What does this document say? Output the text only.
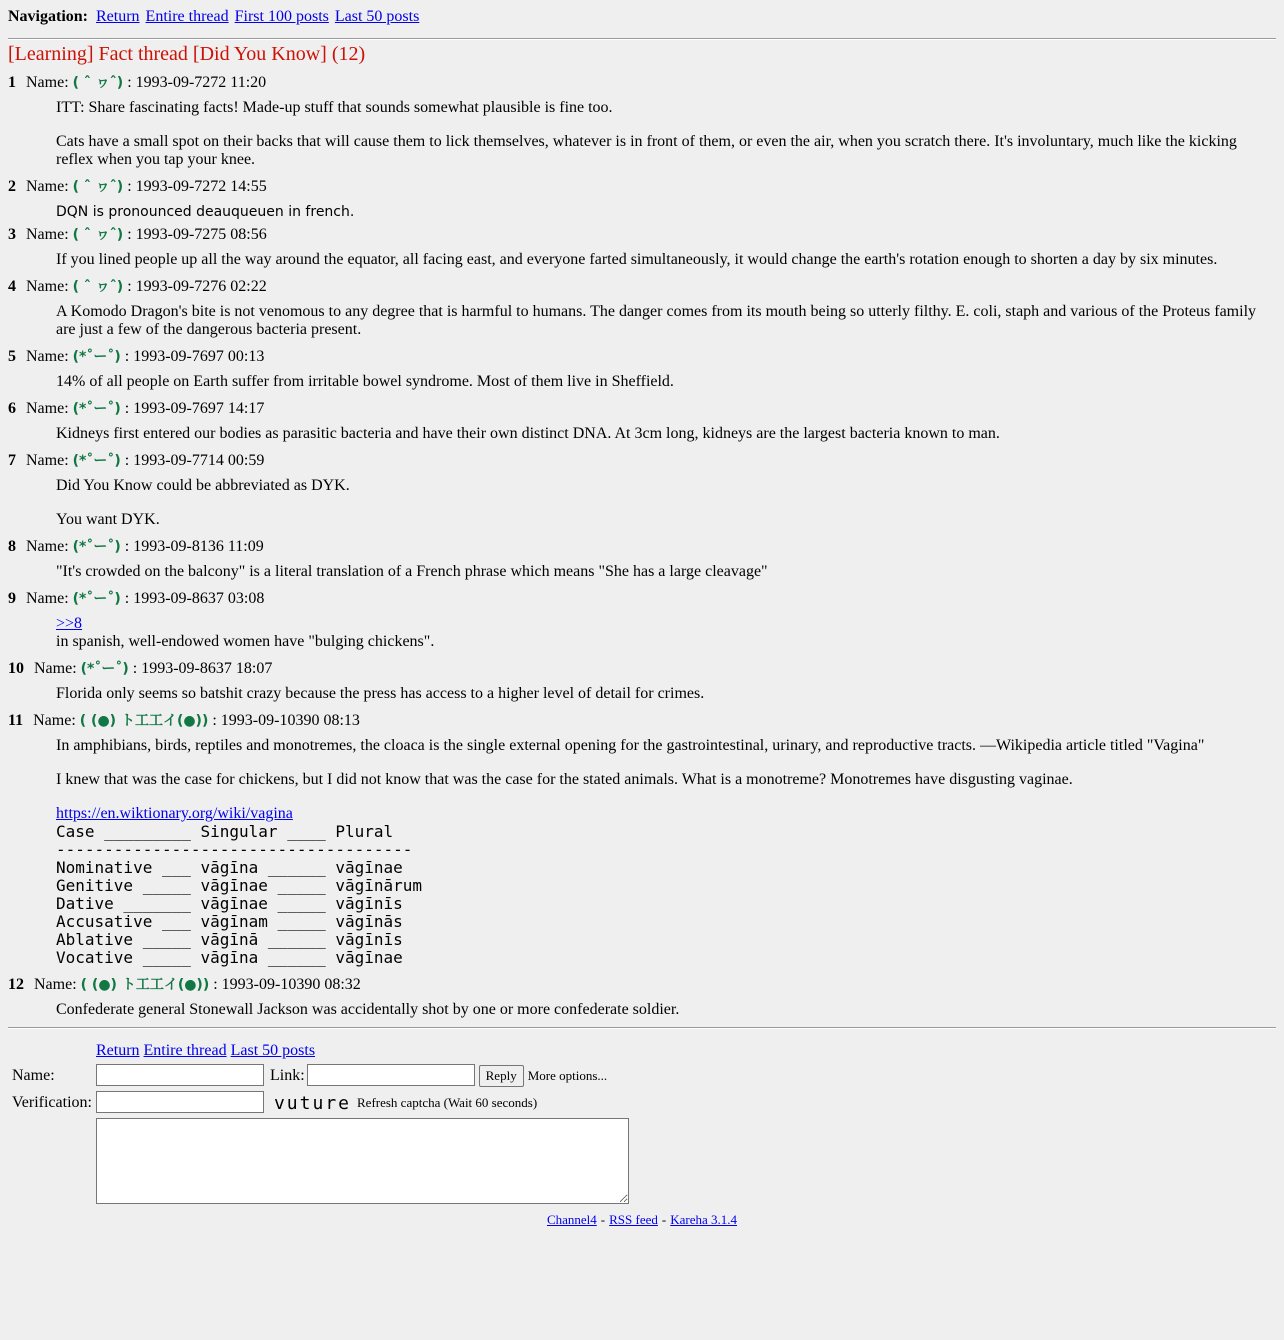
Navigation: Return Entire thread First 100 posts Last 50 posts
[Learning] Fact thread [Did You Know] (12)
1 Name: ( ˆ ヮˆ) : 1993-09-7272 11:20

ITT: Share fascinating facts! Made-up stuff that sounds somewhat plausible is fine too.

Cats have a small spot on their backs that will cause them to lick themselves, whatever is in front of them, or even the air, when you scratch there. It's involuntary, much like the kicking reflex when you tap your knee.

2 Name: ( ˆ ヮˆ) : 1993-09-7272 14:55

DQN is pronounced deauqueuen in french.

3 Name: ( ˆ ヮˆ) : 1993-09-7275 08:56

If you lined people up all the way around the equator, all facing east, and everyone farted simultaneously, it would change the earth's rotation enough to shorten a day by six minutes.

4 Name: ( ˆ ヮˆ) : 1993-09-7276 02:22

A Komodo Dragon's bite is not venomous to any degree that is harmful to humans. The danger comes from its mouth being so utterly filthy. E. coli, staph and various of the Proteus family are just a few of the dangerous bacteria present.

5 Name: (*˚ー˚) : 1993-09-7697 00:13

14% of all people on Earth suffer from irritable bowel syndrome. Most of them live in Sheffield.

6 Name: (*˚ー˚) : 1993-09-7697 14:17

Kidneys first entered our bodies as parasitic bacteria and have their own distinct DNA. At 3cm long, kidneys are the largest bacteria known to man.

7 Name: (*˚ー˚) : 1993-09-7714 00:59

Did You Know could be abbreviated as DYK.

You want DYK.

8 Name: (*˚ー˚) : 1993-09-8136 11:09

"It's crowded on the balcony" is a literal translation of a French phrase which means "She has a large cleavage"

9 Name: (*˚ー˚) : 1993-09-8637 03:08
>>8
in spanish, well-endowed women have "bulging chickens".
10 Name: (*˚ー˚) : 1993-09-8637 18:07

Florida only seems so batshit crazy because the press has access to a higher level of detail for crimes.

11 Name: ( (●) ト工工イ(●)) : 1993-09-10390 08:13

In amphibians, birds, reptiles and monotremes, the cloaca is the single external opening for the gastrointestinal, urinary, and reproductive tracts. —Wikipedia article titled "Vagina"

I knew that was the case for chickens, but I did not know that was the case for the stated animals. What is a monotreme? Monotremes have disgusting vaginae.

https://en.wiktionary.org/wiki/vagina
Case _________ Singular ____ Plural
-------------------------------------
Nominative ___ vāgīna ______ vāgīnae
Genitive _____ vāgīnae _____ vāgīnārum
Dative _______ vāgīnae _____ vāgīnīs
Accusative ___ vāgīnam _____ vāgīnās
Ablative _____ vāgīnā ______ vāgīnīs
Vocative _____ vāgīna ______ vāgīnae
12 Name: ( (●) ト工工イ(●)) : 1993-09-10390 08:32

Confederate general Stonewall Jackson was accidentally shot by one or more confederate soldier.

	Return Entire thread Last 50 posts
Name:	Link: Reply More options...
Verification:	vuture Refresh captcha (Wait 60 seconds)

Channel4 - RSS feed - Kareha 3.1.4
